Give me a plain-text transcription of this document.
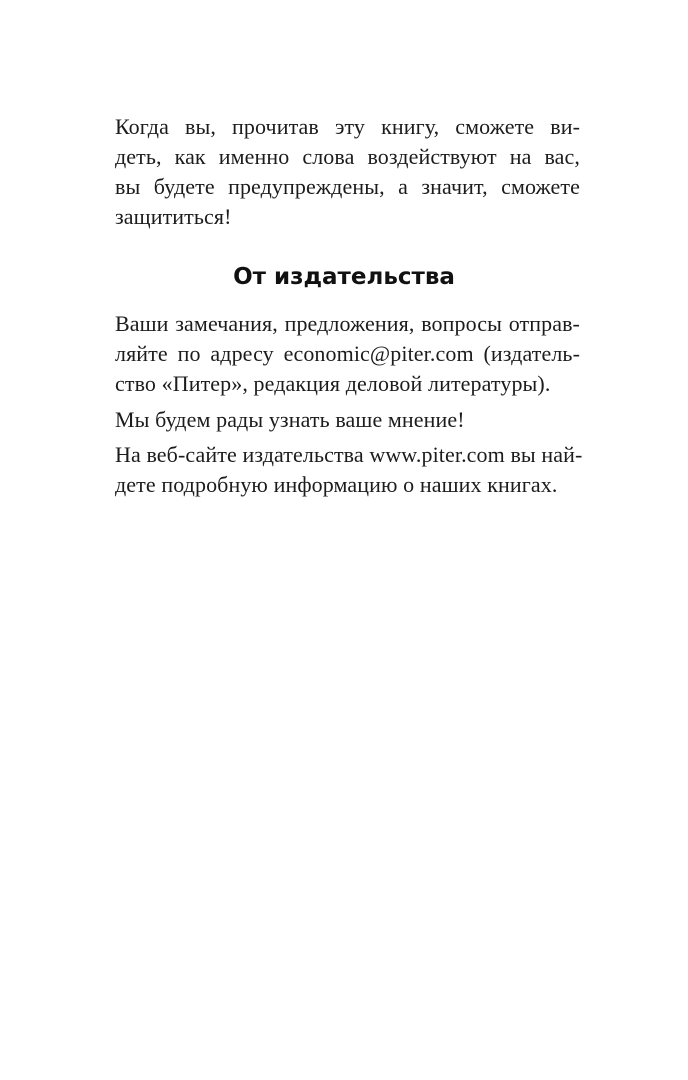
Когда вы, прочитав эту книгу, сможете ви-
деть, как именно слова воздействуют на вас,
вы будете предупреждены, а значит, сможете
защититься!
От издательства
Ваши замечания, предложения, вопросы отправ-
ляйте по адресу economic@piter.com (издатель-
ство «Питер», редакция деловой литературы).
Мы будем рады узнать ваше мнение!
На веб-сайте издательства www.piter.com вы най-
дете подробную информацию о наших книгах.
